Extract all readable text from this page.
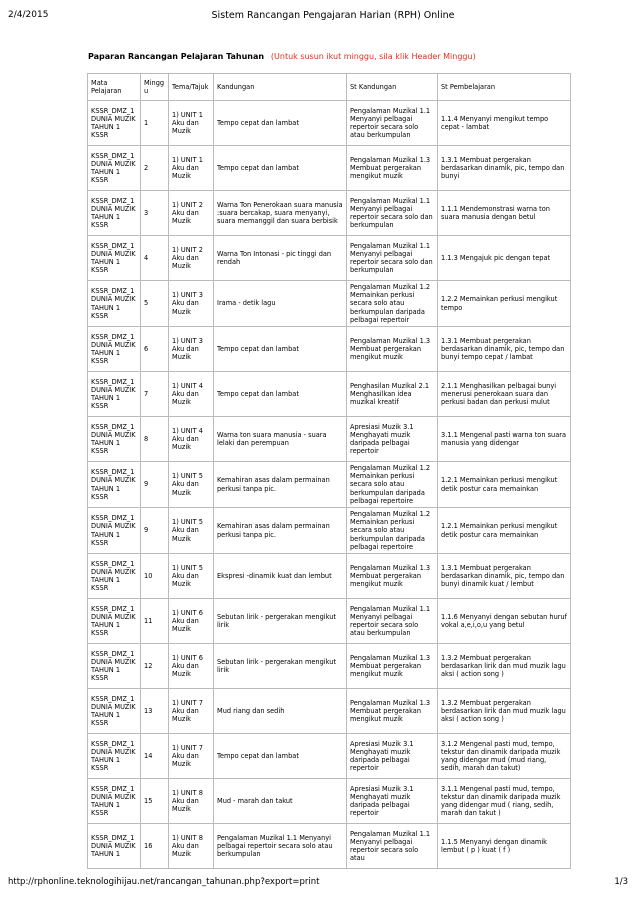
2/4/2015	Sistem Rancangan Pengajaran Harian (RPH) Online
Paparan Rancangan Pelajaran Tahunan (Untuk susun ikut minggu, sila klik Header Minggu)
Mata Pelajaran	Minggu	Tema/Tajuk	Kandungan	St Kandungan	St Pembelajaran
KSSR_DMZ_1 DUNIA MUZIK TAHUN 1 KSSR	1	1) UNIT 1 Aku dan Muzik	Tempo cepat dan lambat	Pengalaman Muzikal 1.1 Menyanyi pelbagai repertoir secara solo atau berkumpulan	1.1.4 Menyanyi mengikut tempo cepat - lambat
KSSR_DMZ_1 DUNIA MUZIK TAHUN 1 KSSR	2	1) UNIT 1 Aku dan Muzik	Tempo cepat dan lambat	Pengalaman Muzikal 1.3 Membuat pergerakan mengikut muzik	1.3.1 Membuat pergerakan berdasarkan dinamik, pic, tempo dan bunyi
KSSR_DMZ_1 DUNIA MUZIK TAHUN 1 KSSR	3	1) UNIT 2 Aku dan Muzik	Warna Ton Penerokaan suara manusia :suara bercakap, suara menyanyi, suara memanggil dan suara berbisik	Pengalaman Muzikal 1.1 Menyanyi pelbagai repertoir secara solo dan berkumpulan	1.1.1 Mendemonstrasi warna ton suara manusia dengan betul
KSSR_DMZ_1 DUNIA MUZIK TAHUN 1 KSSR	4	1) UNIT 2 Aku dan Muzik	Warna Ton Intonasi - pic tinggi dan rendah	Pengalaman Muzikal 1.1 Menyanyi pelbagai repertoir secara solo dan berkumpulan	1.1.3 Mengajuk pic dengan tepat
KSSR_DMZ_1 DUNIA MUZIK TAHUN 1 KSSR	5	1) UNIT 3 Aku dan Muzik	Irama - detik lagu	Pengalaman Muzikal 1.2 Memainkan perkusi secara solo atau berkumpulan daripada pelbagai repertoir	1.2.2 Memainkan perkusi mengikut tempo
KSSR_DMZ_1 DUNIA MUZIK TAHUN 1 KSSR	6	1) UNIT 3 Aku dan Muzik	Tempo cepat dan lambat	Pengalaman Muzikal 1.3 Membuat pergerakan mengikut muzik	1.3.1 Membuat pergerakan berdasarkan dinamik, pic, tempo dan bunyi tempo cepat / lambat
KSSR_DMZ_1 DUNIA MUZIK TAHUN 1 KSSR	7	1) UNIT 4 Aku dan Muzik	Tempo cepat dan lambat	Penghasilan Muzikal 2.1 Menghasilkan idea muzikal kreatif	2.1.1 Menghasilkan pelbagai bunyi menerusi penerokaan suara dan perkusi badan dan perkusi mulut
KSSR_DMZ_1 DUNIA MUZIK TAHUN 1 KSSR	8	1) UNIT 4 Aku dan Muzik	Warna ton suara manusia - suara lelaki dan perempuan	Apresiasi Muzik 3.1 Menghayati muzik daripada pelbagai repertoir	3.1.1 Mengenal pasti warna ton suara manusia yang didengar
KSSR_DMZ_1 DUNIA MUZIK TAHUN 1 KSSR	9	1) UNIT 5 Aku dan Muzik	Kemahiran asas dalam permainan perkusi tanpa pic.	Pengalaman Muzikal 1.2 Memainkan perkusi secara solo atau berkumpulan daripada pelbagai repertoire	1.2.1 Memainkan perkusi mengikut detik postur cara memainkan
KSSR_DMZ_1 DUNIA MUZIK TAHUN 1 KSSR	9	1) UNIT 5 Aku dan Muzik	Kemahiran asas dalam permainan perkusi tanpa pic.	Pengalaman Muzikal 1.2 Memainkan perkusi secara solo atau berkumpulan daripada pelbagai repertoire	1.2.1 Memainkan perkusi mengikut detik postur cara memainkan
KSSR_DMZ_1 DUNIA MUZIK TAHUN 1 KSSR	10	1) UNIT 5 Aku dan Muzik	Ekspresi -dinamik kuat dan lembut	Pengalaman Muzikal 1.3 Membuat pergerakan mengikut muzik	1.3.1 Membuat pergerakan berdasarkan dinamik, pic, tempo dan bunyi dinamik kuat / lembut
KSSR_DMZ_1 DUNIA MUZIK TAHUN 1 KSSR	11	1) UNIT 6 Aku dan Muzik	Sebutan lirik - pergerakan mengikut lirik	Pengalaman Muzikal 1.1 Menyanyi pelbagai repertoir secara solo atau berkumpulan	1.1.6 Menyanyi dengan sebutan huruf vokal a,e,i,o,u yang betul
KSSR_DMZ_1 DUNIA MUZIK TAHUN 1 KSSR	12	1) UNIT 6 Aku dan Muzik	Sebutan lirik - pergerakan mengikut lirik	Pengalaman Muzikal 1.3 Membuat pergerakan mengikut muzik	1.3.2 Membuat pergerakan berdasarkan lirik dan mud muzik lagu aksi ( action song )
KSSR_DMZ_1 DUNIA MUZIK TAHUN 1 KSSR	13	1) UNIT 7 Aku dan Muzik	Mud riang dan sedih	Pengalaman Muzikal 1.3 Membuat pergerakan mengikut muzik	1.3.2 Membuat pergerakan berdasarkan lirik dan mud muzik lagu aksi ( action song )
KSSR_DMZ_1 DUNIA MUZIK TAHUN 1 KSSR	14	1) UNIT 7 Aku dan Muzik	Tempo cepat dan lambat	Apresiasi Muzik 3.1 Menghayati muzik daripada pelbagai repertoir	3.1.2 Mengenal pasti mud, tempo, tekstur dan dinamik daripada muzik yang didengar mud (mud riang, sedih, marah dan takut)
KSSR_DMZ_1 DUNIA MUZIK TAHUN 1 KSSR	15	1) UNIT 8 Aku dan Muzik	Mud - marah dan takut	Apresiasi Muzik 3.1 Menghayati muzik daripada pelbagai repertoir	3.1.1 Mengenal pasti mud, tempo, tekstur dan dinamik daripada muzik yang didengar mud ( riang, sedih, marah dan takut )
KSSR_DMZ_1 DUNIA MUZIK TAHUN 1	16	1) UNIT 8 Aku dan Muzik	Pengalaman Muzikal 1.1 Menyanyi pelbagai repertoir secara solo atau berkumpulan	Pengalaman Muzikal 1.1 Menyanyi pelbagai repertoir secara solo atau	1.1.5 Menyanyi dengan dinamik lembut ( p ) kuat ( f )
http://rphonline.teknologihijau.net/rancangan_tahunan.php?export=print	1/3
